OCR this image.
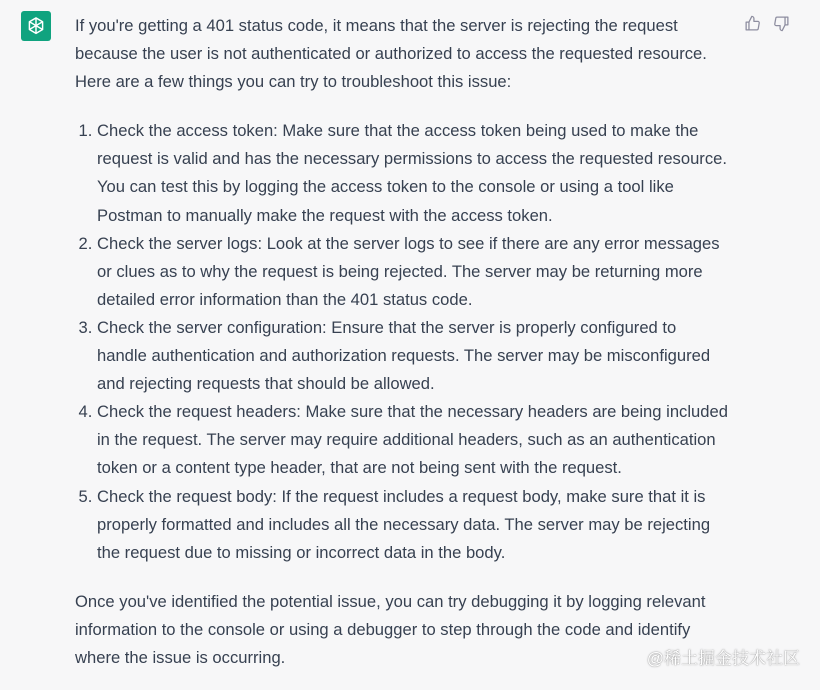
If you're getting a 401 status code, it means that the server is rejecting the request because the user is not authenticated or authorized to access the requested resource. Here are a few things you can try to troubleshoot this issue:

1. Check the access token: Make sure that the access token being used to make the request is valid and has the necessary permissions to access the requested resource. You can test this by logging the access token to the console or using a tool like Postman to manually make the request with the access token.
2. Check the server logs: Look at the server logs to see if there are any error messages or clues as to why the request is being rejected. The server may be returning more detailed error information than the 401 status code.
3. Check the server configuration: Ensure that the server is properly configured to handle authentication and authorization requests. The server may be misconfigured and rejecting requests that should be allowed.
4. Check the request headers: Make sure that the necessary headers are being included in the request. The server may require additional headers, such as an authentication token or a content type header, that are not being sent with the request.
5. Check the request body: If the request includes a request body, make sure that it is properly formatted and includes all the necessary data. The server may be rejecting the request due to missing or incorrect data in the body.

Once you've identified the potential issue, you can try debugging it by logging relevant information to the console or using a debugger to step through the code and identify where the issue is occurring.	@稀土掘金技术社区
